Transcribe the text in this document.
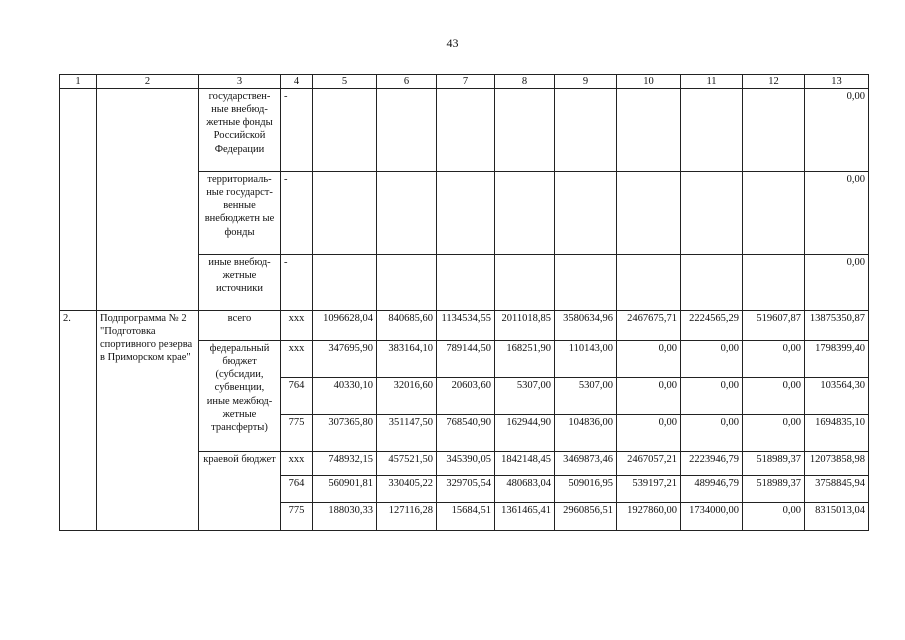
43
1	2	3	4	5	6	7	8	9	10	11	12	13
		государствен-ные внебюд-жетные фонды Российской Федерации	-									0,00
		территориаль-ные государст-венные внебюджетн ые фонды	-									0,00
		иные внебюд-жетные источники	-									0,00
2.	Подпрограмма № 2 "Подготовка спортивного резерва в Приморском крае"	всего	ххх	1096628,04	840685,60	1134534,55	2011018,85	3580634,96	2467675,71	2224565,29	519607,87	13875350,87
		федеральный бюджет (субсидии, субвенции, иные межбюд-жетные трансферты)	ххх	347695,90	383164,10	789144,50	168251,90	110143,00	0,00	0,00	0,00	1798399,40
			764	40330,10	32016,60	20603,60	5307,00	5307,00	0,00	0,00	0,00	103564,30
			775	307365,80	351147,50	768540,90	162944,90	104836,00	0,00	0,00	0,00	1694835,10
		краевой бюджет	ххх	748932,15	457521,50	345390,05	1842148,45	3469873,46	2467057,21	2223946,79	518989,37	12073858,98
			764	560901,81	330405,22	329705,54	480683,04	509016,95	539197,21	489946,79	518989,37	3758845,94
			775	188030,33	127116,28	15684,51	1361465,41	2960856,51	1927860,00	1734000,00	0,00	8315013,04
